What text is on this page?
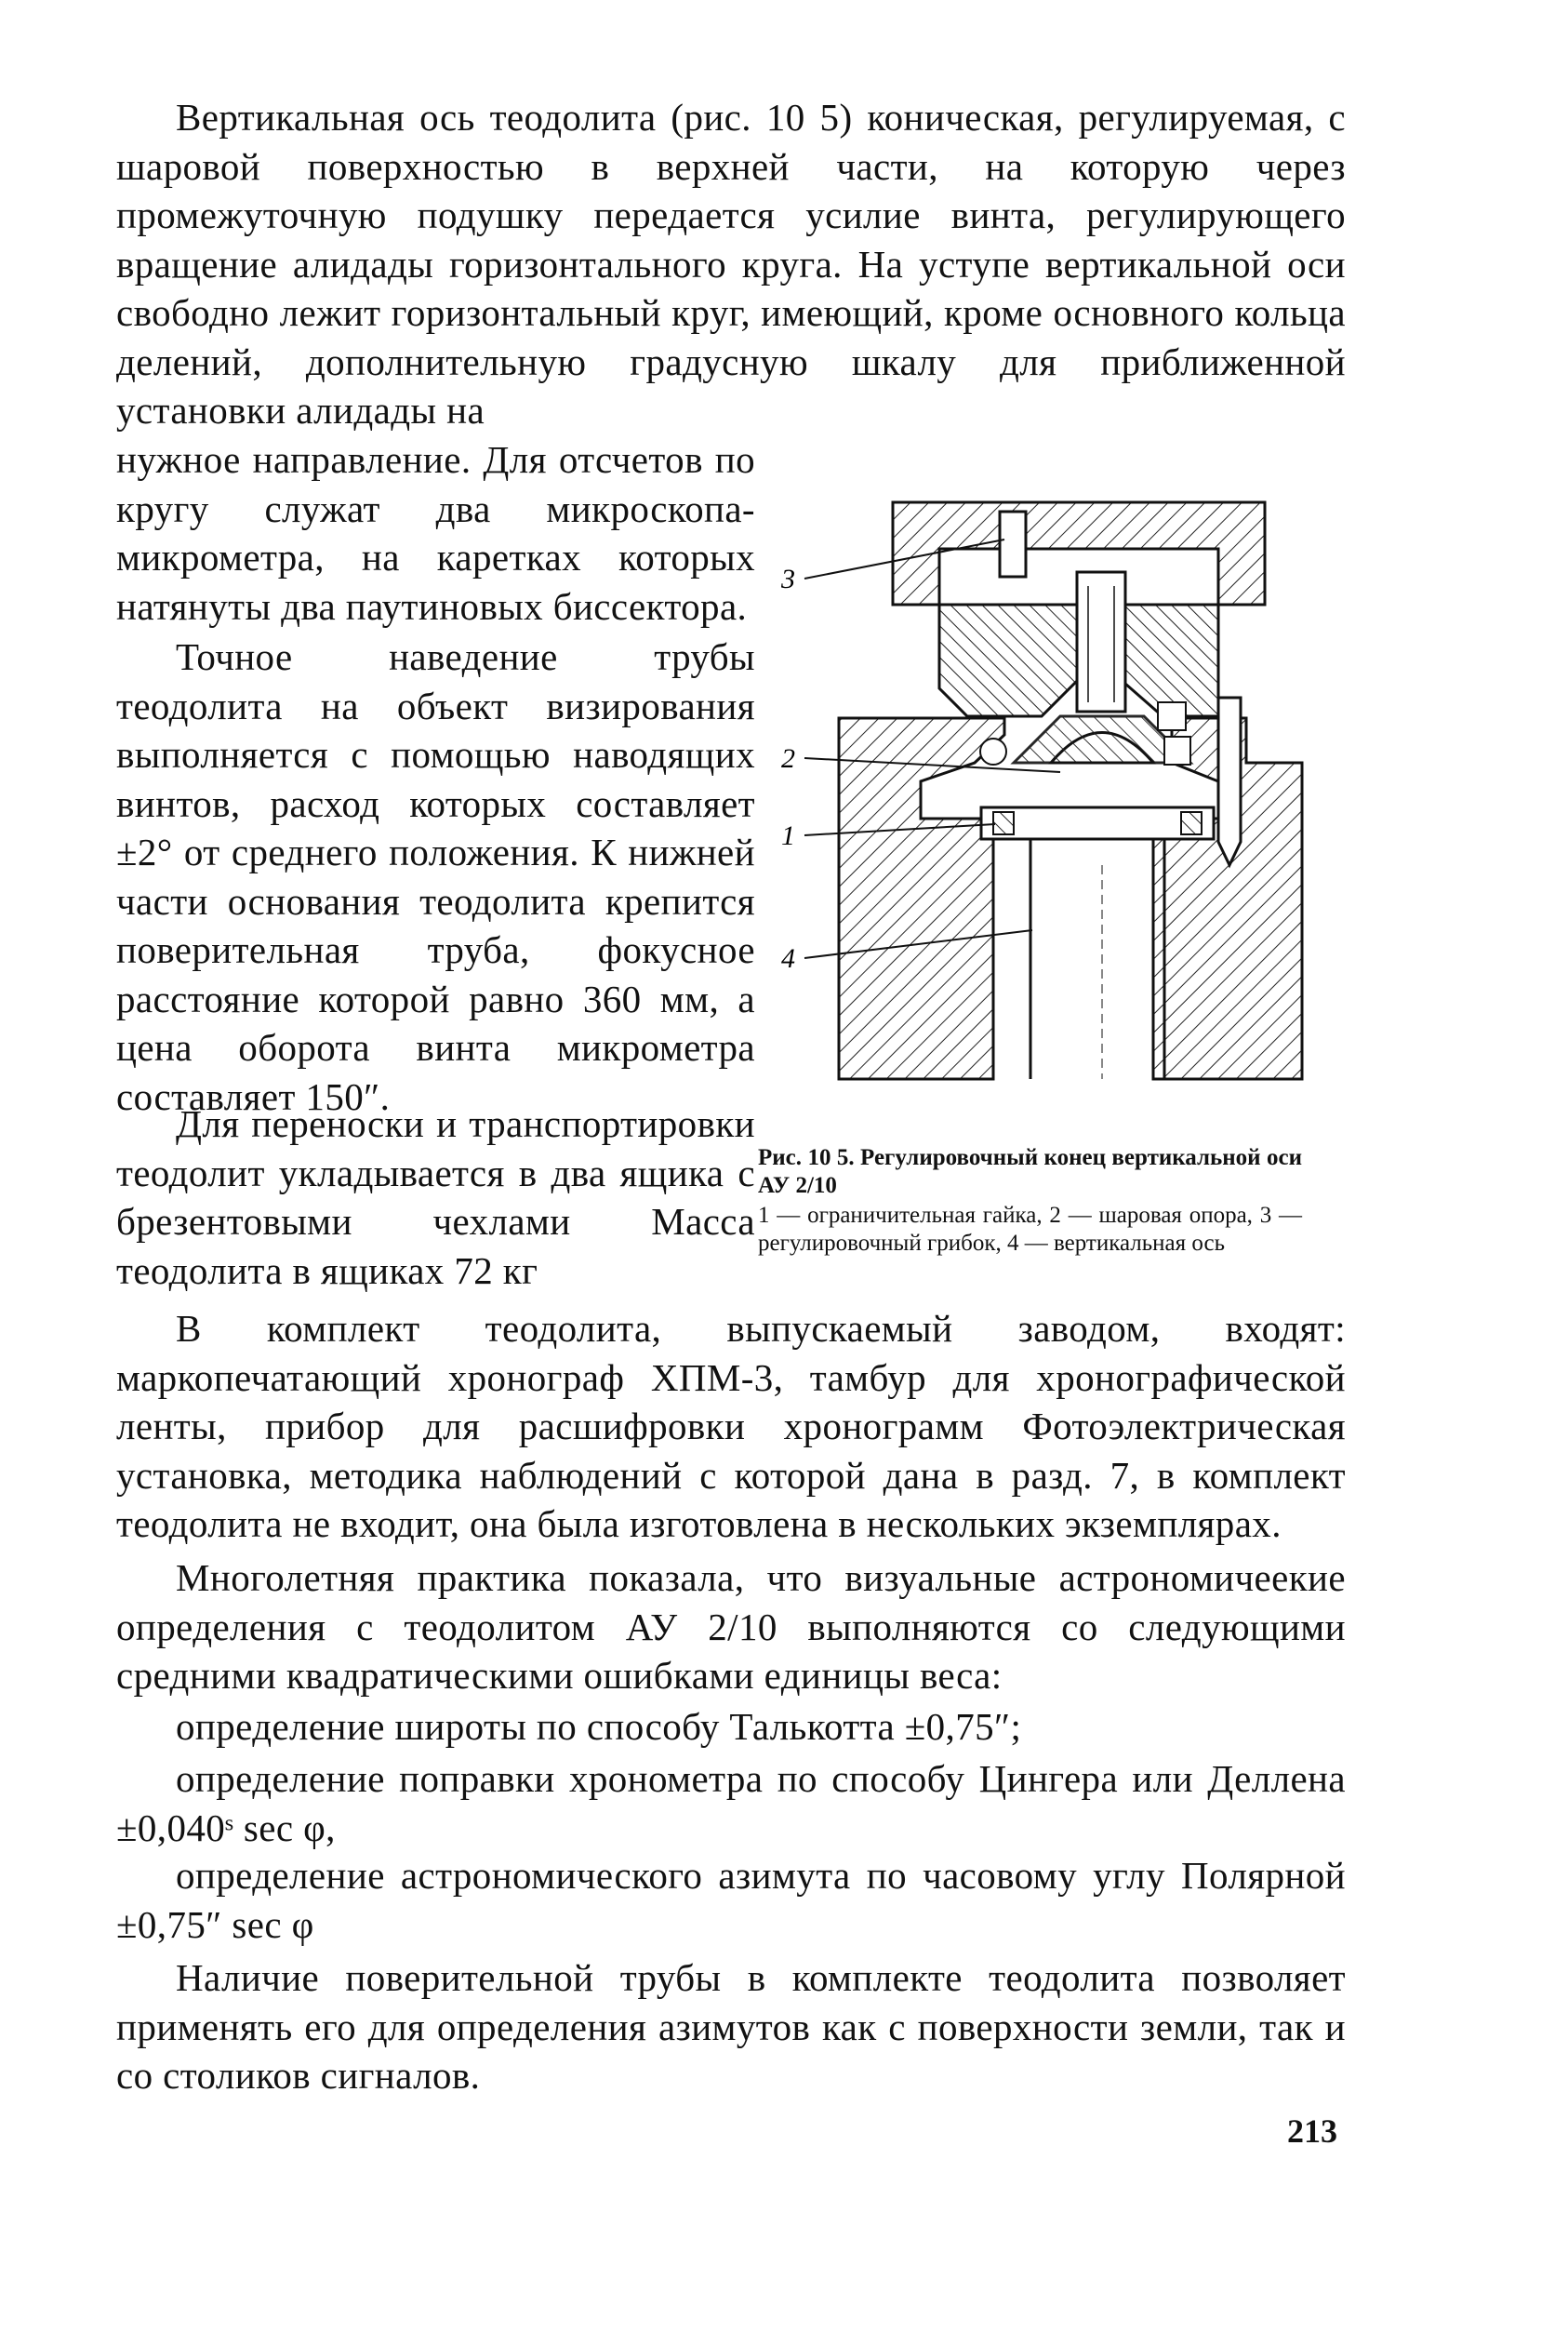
Вертикальная ось теодолита (рис. 10 5) коническая, регулируемая, с шаровой поверхностью в верхней части, на которую через промежуточную подушку передается усилие винта, регулирующего вращение алидады горизонтального круга. На уступе вертикальной оси свободно лежит горизонтальный круг, имеющий, кроме основного кольца делений, дополнительную градусную шкалу для приближенной установки алидады на

нужное направление. Для отсчетов по кругу служат два микроскопа-микрометра, на каретках которых натянуты два паутиновых биссектора.

Точное наведение трубы теодолита на объект визирования выполняется с помощью наводящих винтов, расход которых составляет ±2° от среднего положения. К нижней части основания теодолита крепится поверительная труба, фокусное расстояние которой равно 360 мм, а цена оборота винта микрометра составляет 150″.

Для переноски и транспортировки теодолит укладывается в два ящика с брезентовыми чехлами Масса теодолита в ящиках 72 кг

3
2
1
4
Рис. 10 5. Регулировочный конец вертикальной оси АУ 2/10
1 — ограничительная гайка, 2 — шаровая опора, 3 — регулировочный грибок, 4 — вертикальная ось

В комплект теодолита, выпускаемый заводом, входят: маркопечатающий хронограф ХПМ-3, тамбур для хронографической ленты, прибор для расшифровки хронограмм Фотоэлектрическая установка, методика наблюдений с которой дана в разд. 7, в комплект теодолита не входит, она была изготовлена в нескольких экземплярах.

Многолетняя практика показала, что визуальные астрономичеекие определения с теодолитом АУ 2/10 выполняются со следующими средними квадратическими ошибками единицы веса:

определение широты по способу Талькотта ±0,75″;

определение поправки хронометра по способу Цингера или Деллена ±0,040ˢ sec φ,

определение астрономического азимута по часовому углу Полярной ±0,75″ sec φ

Наличие поверительной трубы в комплекте теодолита позволяет применять его для определения азимутов как с поверхности земли, так и со столиков сигналов.

213
